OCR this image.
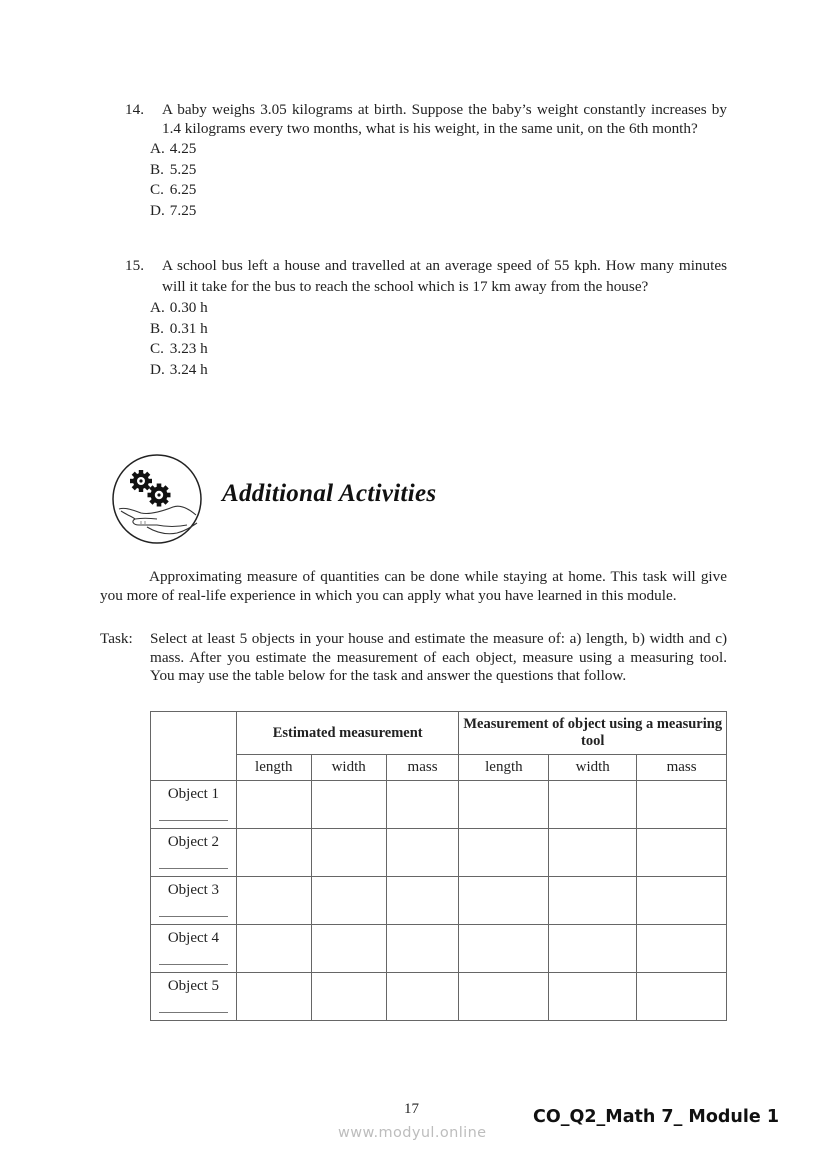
14. A baby weighs 3.05 kilograms at birth. Suppose the baby’s weight constantly increases by 1.4 kilograms every two months, what is his weight, in the same unit, on the 6th month?
A. 4.25
B. 5.25
C. 6.25
D. 7.25
15. A school bus left a house and travelled at an average speed of 55 kph. How many minutes will it take for the bus to reach the school which is 17 km away from the house?
A. 0.30 h
B. 0.31 h
C. 3.23 h
D. 3.24 h
Additional Activities
Approximating measure of quantities can be done while staying at home. This task will give you more of real-life experience in which you can apply what you have learned in this module.
Task: Select at least 5 objects in your house and estimate the measure of: a) length, b) width and c) mass. After you estimate the measurement of each object, measure using a measuring tool. You may use the table below for the task and answer the questions that follow.
	Estimated measurement			Measurement of object using a measuring tool		
	length	width	mass	length	width	mass

Object 1						

Object 2						

Object 3						

Object 4						

Object 5						

17	CO_Q2_Math 7_ Module 1
www.modyul.online
